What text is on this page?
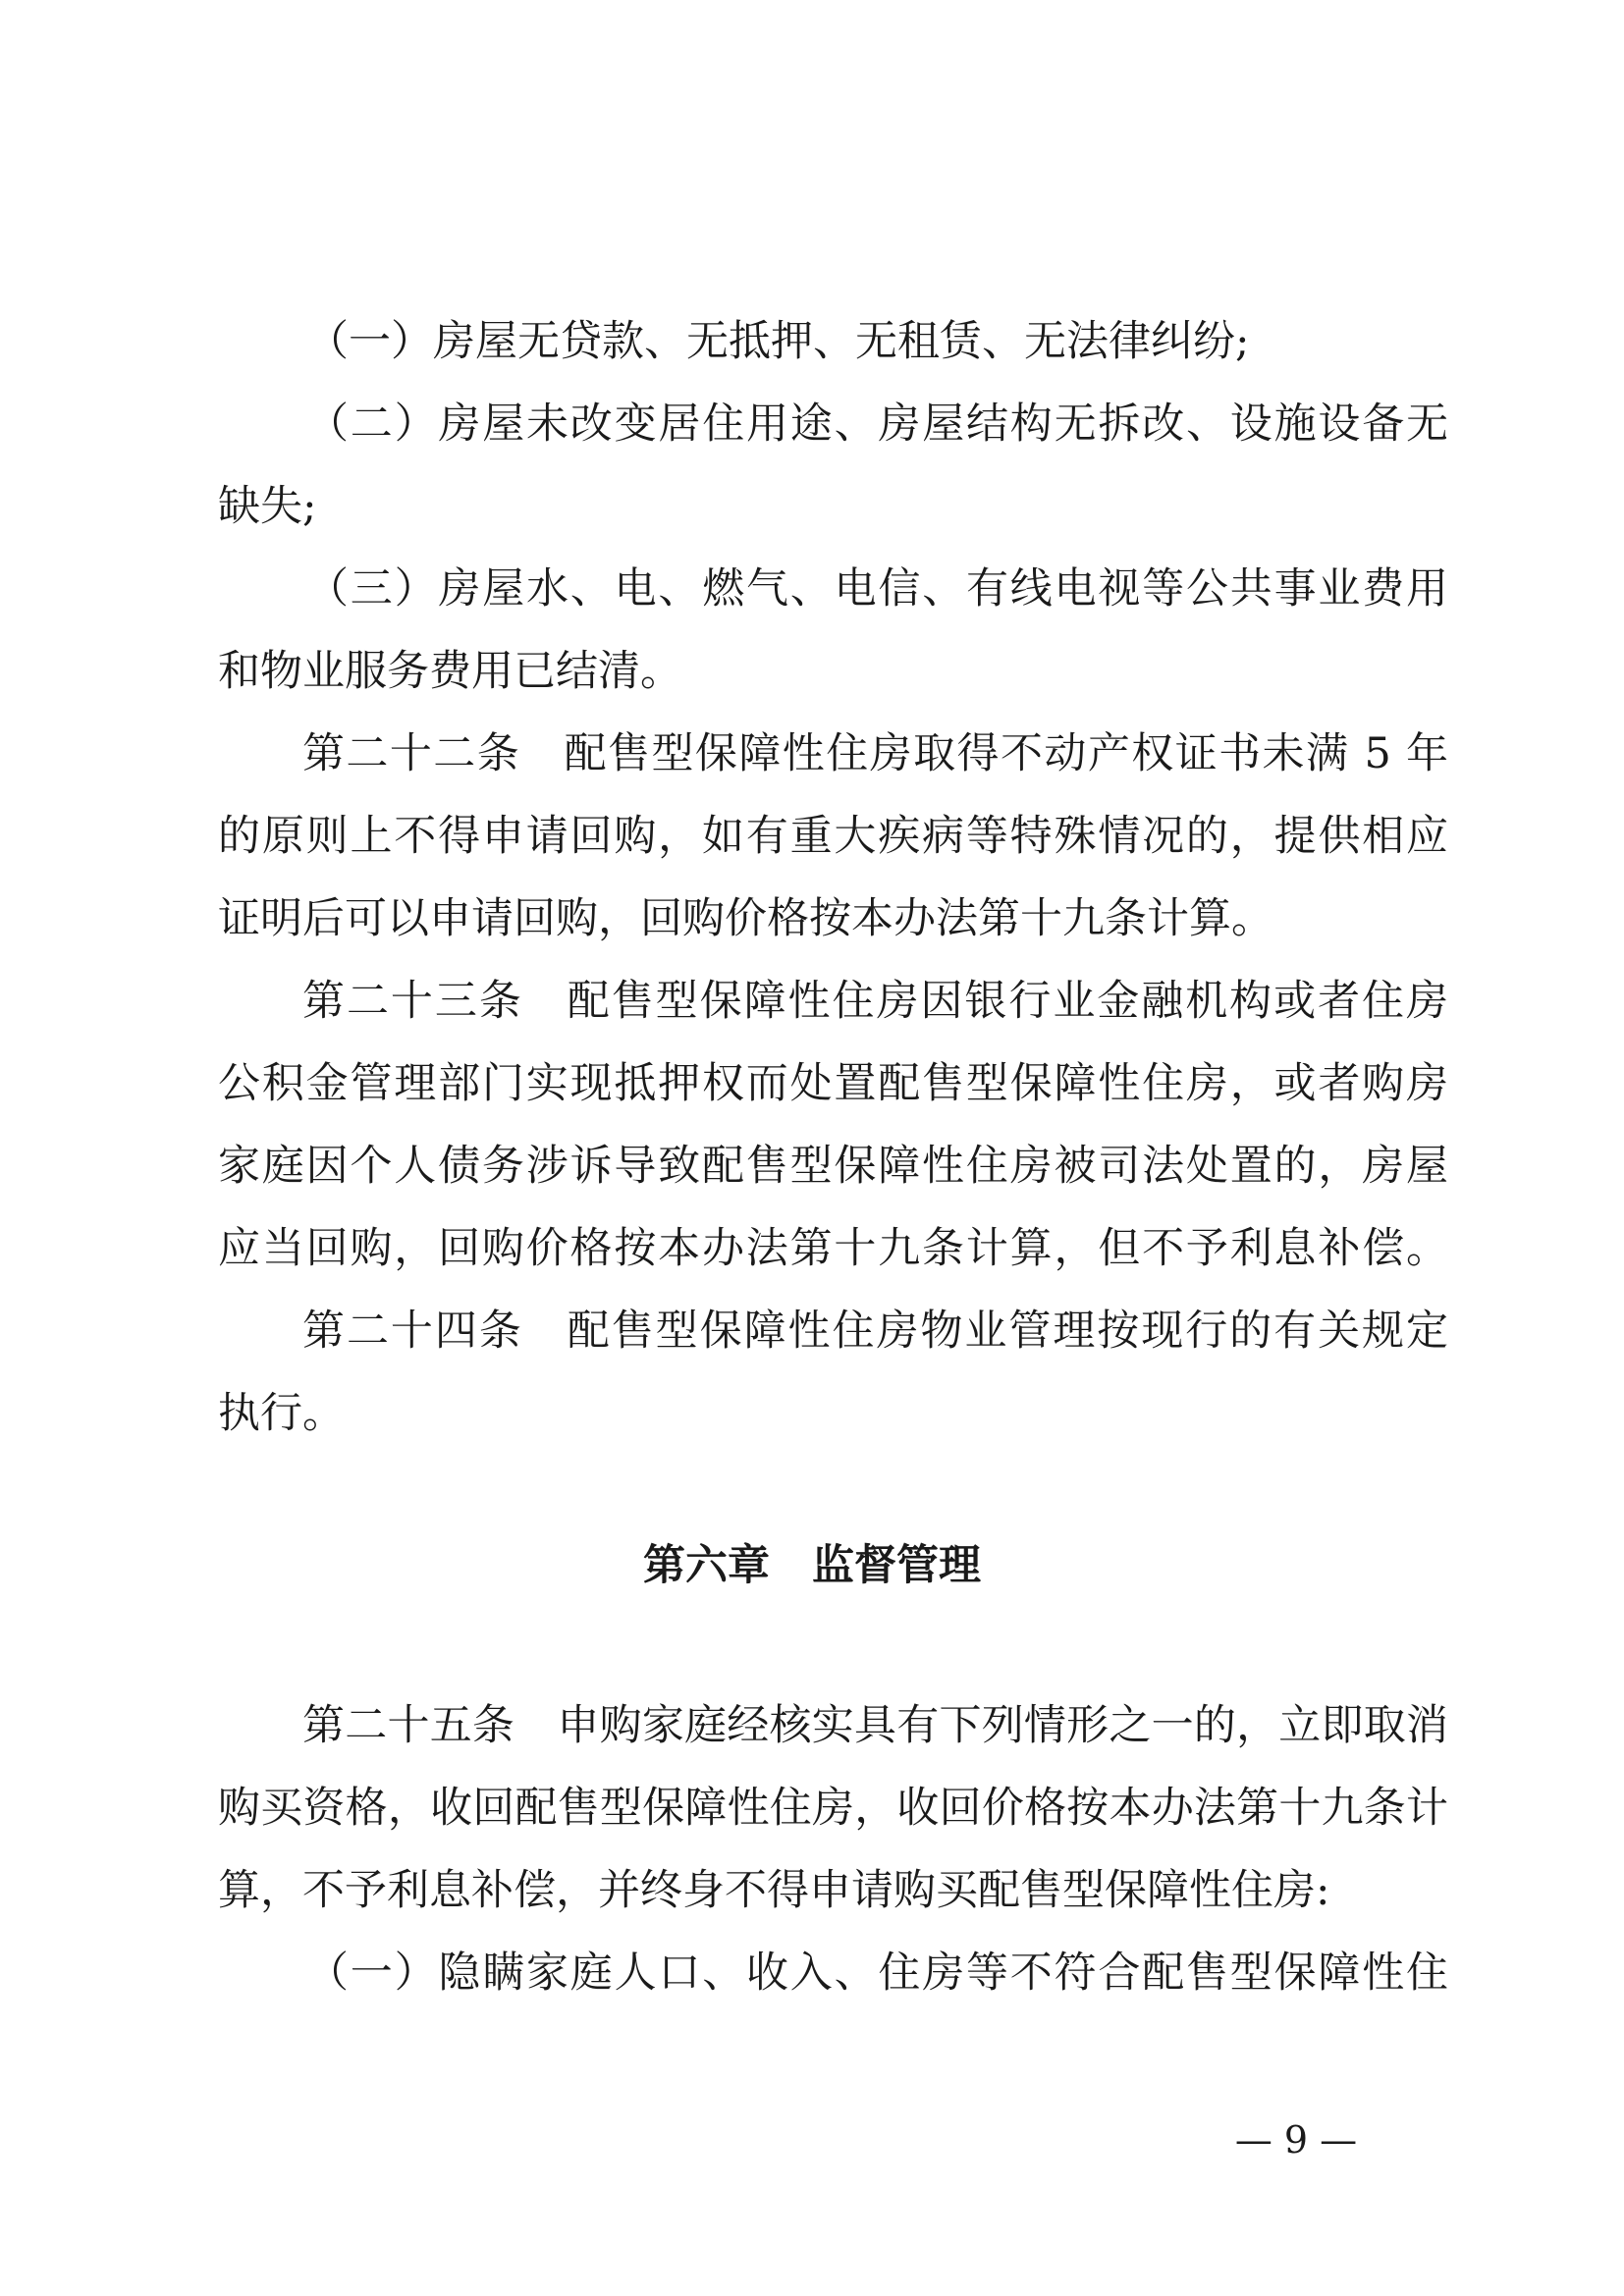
（一）房屋无贷款、无抵押、无租赁、无法律纠纷;
（二）房屋未改变居住用途、房屋结构无拆改、设施设备无
缺失;
（三）房屋水、电、燃气、电信、有线电视等公共事业费用
和物业服务费用已结清。
第二十二条　配售型保障性住房取得不动产权证书未满 5 年
的原则上不得申请回购，如有重大疾病等特殊情况的，提供相应
证明后可以申请回购，回购价格按本办法第十九条计算。
第二十三条　配售型保障性住房因银行业金融机构或者住房
公积金管理部门实现抵押权而处置配售型保障性住房，或者购房
家庭因个人债务涉诉导致配售型保障性住房被司法处置的，房屋
应当回购，回购价格按本办法第十九条计算，但不予利息补偿。
第二十四条　配售型保障性住房物业管理按现行的有关规定
执行。
第六章　监督管理
第二十五条　申购家庭经核实具有下列情形之一的，立即取消
购买资格，收回配售型保障性住房，收回价格按本办法第十九条计
算，不予利息补偿，并终身不得申请购买配售型保障性住房:
（一）隐瞒家庭人口、收入、住房等不符合配售型保障性住
— 9 —
